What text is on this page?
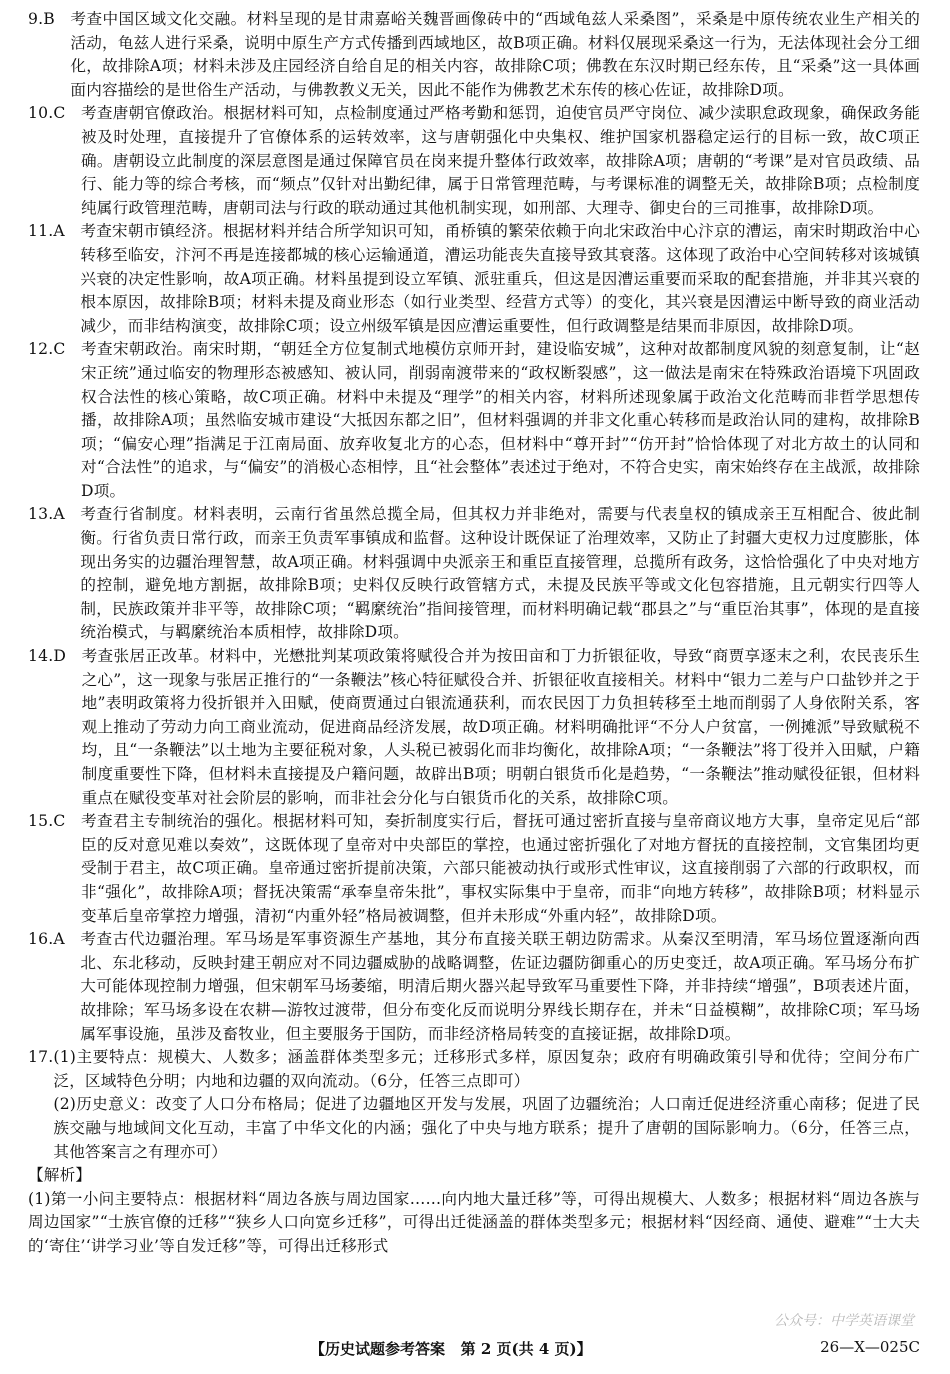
9.B
考查中国区域文化交融。材料呈现的是甘肃嘉峪关魏晋画像砖中的“西域龟兹人采桑图”，采桑是中原传统农业生产相关的活动，龟兹人进行采桑，说明中原生产方式传播到西域地区，故B项正确。材料仅展现采桑这一行为，无法体现社会分工细化，故排除A项；材料未涉及庄园经济自给自足的相关内容，故排除C项；佛教在东汉时期已经东传，且“采桑”这一具体画面内容描绘的是世俗生产活动，与佛教教义无关，因此不能作为佛教艺术东传的核心佐证，故排除D项。
10.C
考查唐朝官僚政治。根据材料可知，点检制度通过严格考勤和惩罚，迫使官员严守岗位、减少渎职怠政现象，确保政务能被及时处理，直接提升了官僚体系的运转效率，这与唐朝强化中央集权、维护国家机器稳定运行的目标一致，故C项正确。唐朝设立此制度的深层意图是通过保障官员在岗来提升整体行政效率，故排除A项；唐朝的“考课”是对官员政绩、品行、能力等的综合考核，而“频点”仅针对出勤纪律，属于日常管理范畴，与考课标准的调整无关，故排除B项；点检制度纯属行政管理范畴，唐朝司法与行政的联动通过其他机制实现，如刑部、大理寺、御史台的三司推事，故排除D项。
11.A
考查宋朝市镇经济。根据材料并结合所学知识可知，甬桥镇的繁荣依赖于向北宋政治中心汴京的漕运，南宋时期政治中心转移至临安，汴河不再是连接都城的核心运输通道，漕运功能丧失直接导致其衰落。这体现了政治中心空间转移对该城镇兴衰的决定性影响，故A项正确。材料虽提到设立军镇、派驻重兵，但这是因漕运重要而采取的配套措施，并非其兴衰的根本原因，故排除B项；材料未提及商业形态（如行业类型、经营方式等）的变化，其兴衰是因漕运中断导致的商业活动减少，而非结构演变，故排除C项；设立州级军镇是因应漕运重要性，但行政调整是结果而非原因，故排除D项。
12.C
考查宋朝政治。南宋时期，“朝廷全方位复制式地模仿京师开封，建设临安城”，这种对故都制度风貌的刻意复制，让“赵宋正统”通过临安的物理形态被感知、被认同，削弱南渡带来的“政权断裂感”，这一做法是南宋在特殊政治语境下巩固政权合法性的核心策略，故C项正确。材料中未提及“理学”的相关内容，材料所述现象属于政治文化范畴而非哲学思想传播，故排除A项；虽然临安城市建设“大抵因东都之旧”，但材料强调的并非文化重心转移而是政治认同的建构，故排除B项；“偏安心理”指满足于江南局面、放弃收复北方的心态，但材料中“尊开封”“仿开封”恰恰体现了对北方故土的认同和对“合法性”的追求，与“偏安”的消极心态相悖，且“社会整体”表述过于绝对，不符合史实，南宋始终存在主战派，故排除D项。
13.A
考查行省制度。材料表明，云南行省虽然总揽全局，但其权力并非绝对，需要与代表皇权的镇成亲王互相配合、彼此制衡。行省负责日常行政，而亲王负责军事镇成和监督。这种设计既保证了治理效率，又防止了封疆大吏权力过度膨胀，体现出务实的边疆治理智慧，故A项正确。材料强调中央派亲王和重臣直接管理，总揽所有政务，这恰恰强化了中央对地方的控制，避免地方割据，故排除B项；史料仅反映行政管辖方式，未提及民族平等或文化包容措施，且元朝实行四等人制，民族政策并非平等，故排除C项；“羁縻统治”指间接管理，而材料明确记载“郡县之”与“重臣治其事”，体现的是直接统治模式，与羁縻统治本质相悖，故排除D项。
14.D
考查张居正改革。材料中，光懋批判某项政策将赋役合并为按田亩和丁力折银征收，导致“商贾享逐末之利，农民丧乐生之心”，这一现象与张居正推行的“一条鞭法”核心特征赋役合并、折银征收直接相关。材料中“银力二差与户口盐钞并之于地”表明政策将力役折银并入田赋，使商贾通过白银流通获利，而农民因丁力负担转移至土地而削弱了人身依附关系，客观上推动了劳动力向工商业流动，促进商品经济发展，故D项正确。材料明确批评“不分人户贫富，一例摊派”导致赋税不均，且“一条鞭法”以土地为主要征税对象，人头税已被弱化而非均衡化，故排除A项；“一条鞭法”将丁役并入田赋，户籍制度重要性下降，但材料未直接提及户籍问题，故辟出B项；明朝白银货币化是趋势，“一条鞭法”推动赋役征银，但材料重点在赋役变革对社会阶层的影响，而非社会分化与白银货币化的关系，故排除C项。
15.C
考查君主专制统治的强化。根据材料可知，奏折制度实行后，督抚可通过密折直接与皇帝商议地方大事，皇帝定见后“部臣的反对意见难以奏效”，这既体现了皇帝对中央部臣的掌控，也通过密折强化了对地方督抚的直接控制，文官集团均更受制于君主，故C项正确。皇帝通过密折提前决策，六部只能被动执行或形式性审议，这直接削弱了六部的行政职权，而非“强化”，故排除A项；督抚决策需“承奉皇帝朱批”，事权实际集中于皇帝，而非“向地方转移”，故排除B项；材料显示变革后皇帝掌控力增强，清初“内重外轻”格局被调整，但并未形成“外重内轻”，故排除D项。
16.A
考查古代边疆治理。军马场是军事资源生产基地，其分布直接关联王朝边防需求。从秦汉至明清，军马场位置逐渐向西北、东北移动，反映封建王朝应对不同边疆威胁的战略调整，佐证边疆防御重心的历史变迁，故A项正确。军马场分布扩大可能体现控制力增强，但宋朝军马场萎缩，明清后期火器兴起导致军马重要性下降，并非持续“增强”，B项表述片面，故排除；军马场多设在农耕—游牧过渡带，但分布变化反而说明分界线长期存在，并未“日益模糊”，故排除C项；军马场属军事设施，虽涉及畜牧业，但主要服务于国防，而非经济格局转变的直接证据，故排除D项。
17. (1)主要特点：规模大、人数多；涵盖群体类型多元；迁移形式多样，原因复杂；政府有明确政策引导和优待；空间分布广泛，区域特色分明；内地和边疆的双向流动。（6分，任答三点即可）
(2)历史意义：改变了人口分布格局；促进了边疆地区开发与发展，巩固了边疆统治；人口南迁促进经济重心南移；促进了民族交融与地域间文化互动，丰富了中华文化的内涵；强化了中央与地方联系；提升了唐朝的国际影响力。（6分，任答三点，其他答案言之有理亦可）
【解析】
(1)第一小问主要特点：根据材料“周边各族与周边国家……向内地大量迁移”等，可得出规模大、人数多；根据材料“周边各族与周边国家”“士族官僚的迁移”“狭乡人口向宽乡迁移”，可得出迁徙涵盖的群体类型多元；根据材料“因经商、通使、避难”“士大夫的‘寄住’‘讲学习业’等自发迁移”等，可得出迁移形式
公众号：中学英语课堂
【历史试题参考答案   第 2 页(共 4 页)】	26—X—025C
